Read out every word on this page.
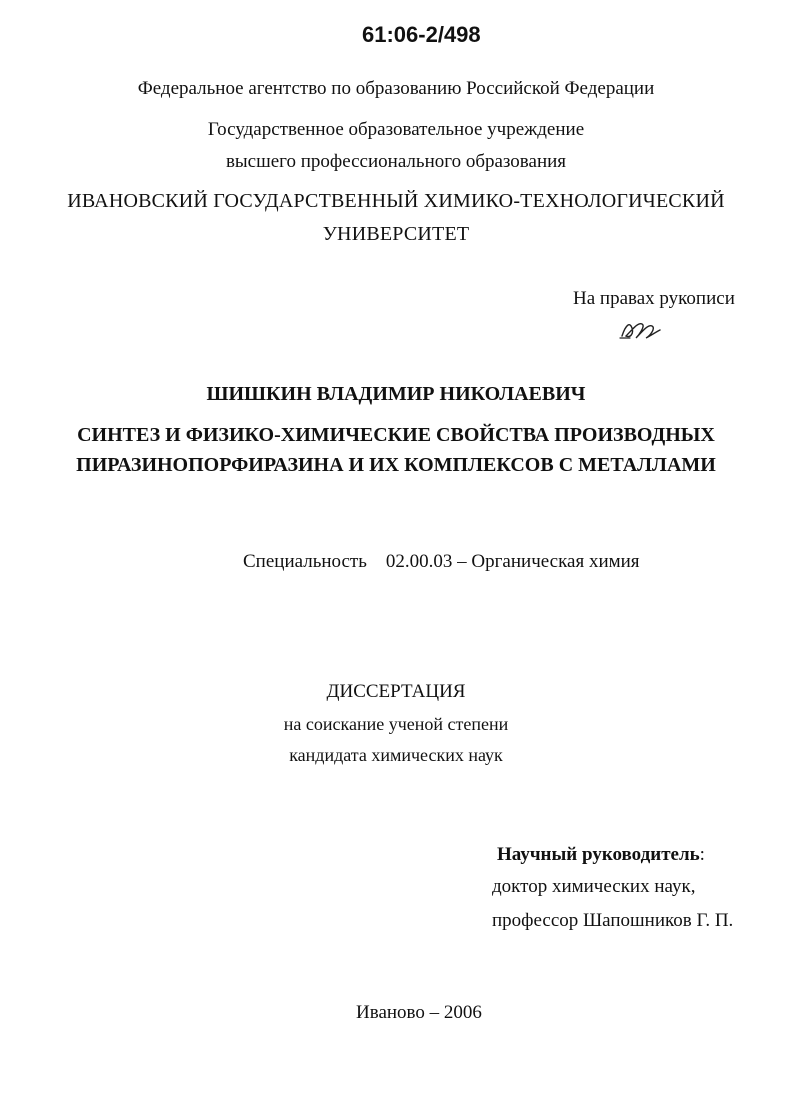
61:06-2/498

Федеральное агентство по образованию Российской Федерации

Государственное образовательное учреждение

высшего профессионального образования

ИВАНОВСКИЙ ГОСУДАРСТВЕННЫЙ ХИМИКО-ТЕХНОЛОГИЧЕСКИЙ

УНИВЕРСИТЕТ

На правах рукописи

ШИШКИН ВЛАДИМИР НИКОЛАЕВИЧ

СИНТЕЗ И ФИЗИКО-ХИМИЧЕСКИЕ СВОЙСТВА ПРОИЗВОДНЫХ

ПИРАЗИНОПОРФИРАЗИНА И ИХ КОМПЛЕКСОВ С МЕТАЛЛАМИ

Специальность 02.00.03 – Органическая химия

ДИССЕРТАЦИЯ

на соискание ученой степени

кандидата химических наук

Научный руководитель:

доктор химических наук,

профессор Шапошников Г. П.

Иваново – 2006
